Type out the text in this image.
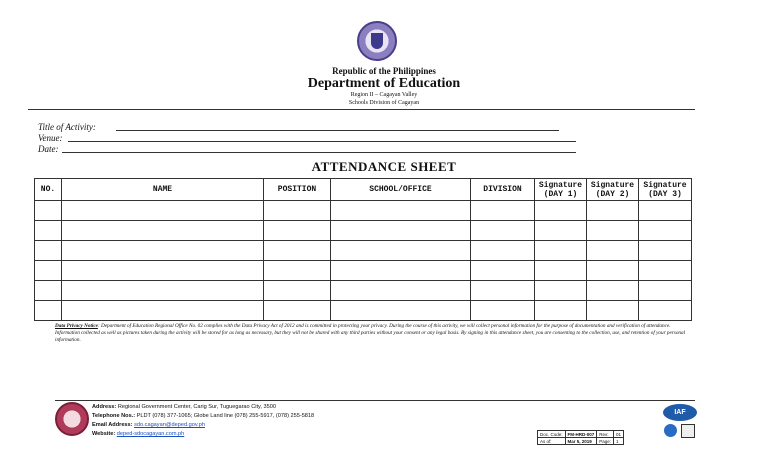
Republic of the Philippines
Department of Education
Region II – Cagayan Valley
Schools Division of Cagayan
Title of Activity:
Venue:
Date:
ATTENDANCE SHEET
NO.	NAME	POSITION	SCHOOL/OFFICE	DIVISION	Signature (DAY 1)	Signature (DAY 2)	Signature (DAY 3)

Data Privacy Notice: Department of Education Regional Office No. 02 complies with the Data Privacy Act of 2012 and is committed in protecting your privacy. During the course of this activity, we will collect personal information for the purpose of documentation and verification of attendance. Information collected as well as pictures taken during the activity will be stored for as long as necessary, but they will not be shared with any third parties without your consent or any legal basis. By signing in this attendance sheet, you are consenting to the collection, use, and retention of your personal information.
Address: Regional Government Center, Carig Sur, Tuguegarao City, 3500
Telephone Nos.: PLDT (078) 377-1065; Globe Land line (078) 255-5917, (078) 255-5818
Email Address: sdo.cagayan@deped.gov.ph
Website: deped-sdocagayan.com.ph	Doc. Code:	FM-HRD-007	Rev:	01
As of:	Mar 5, 2019	Page:	1
IAF
